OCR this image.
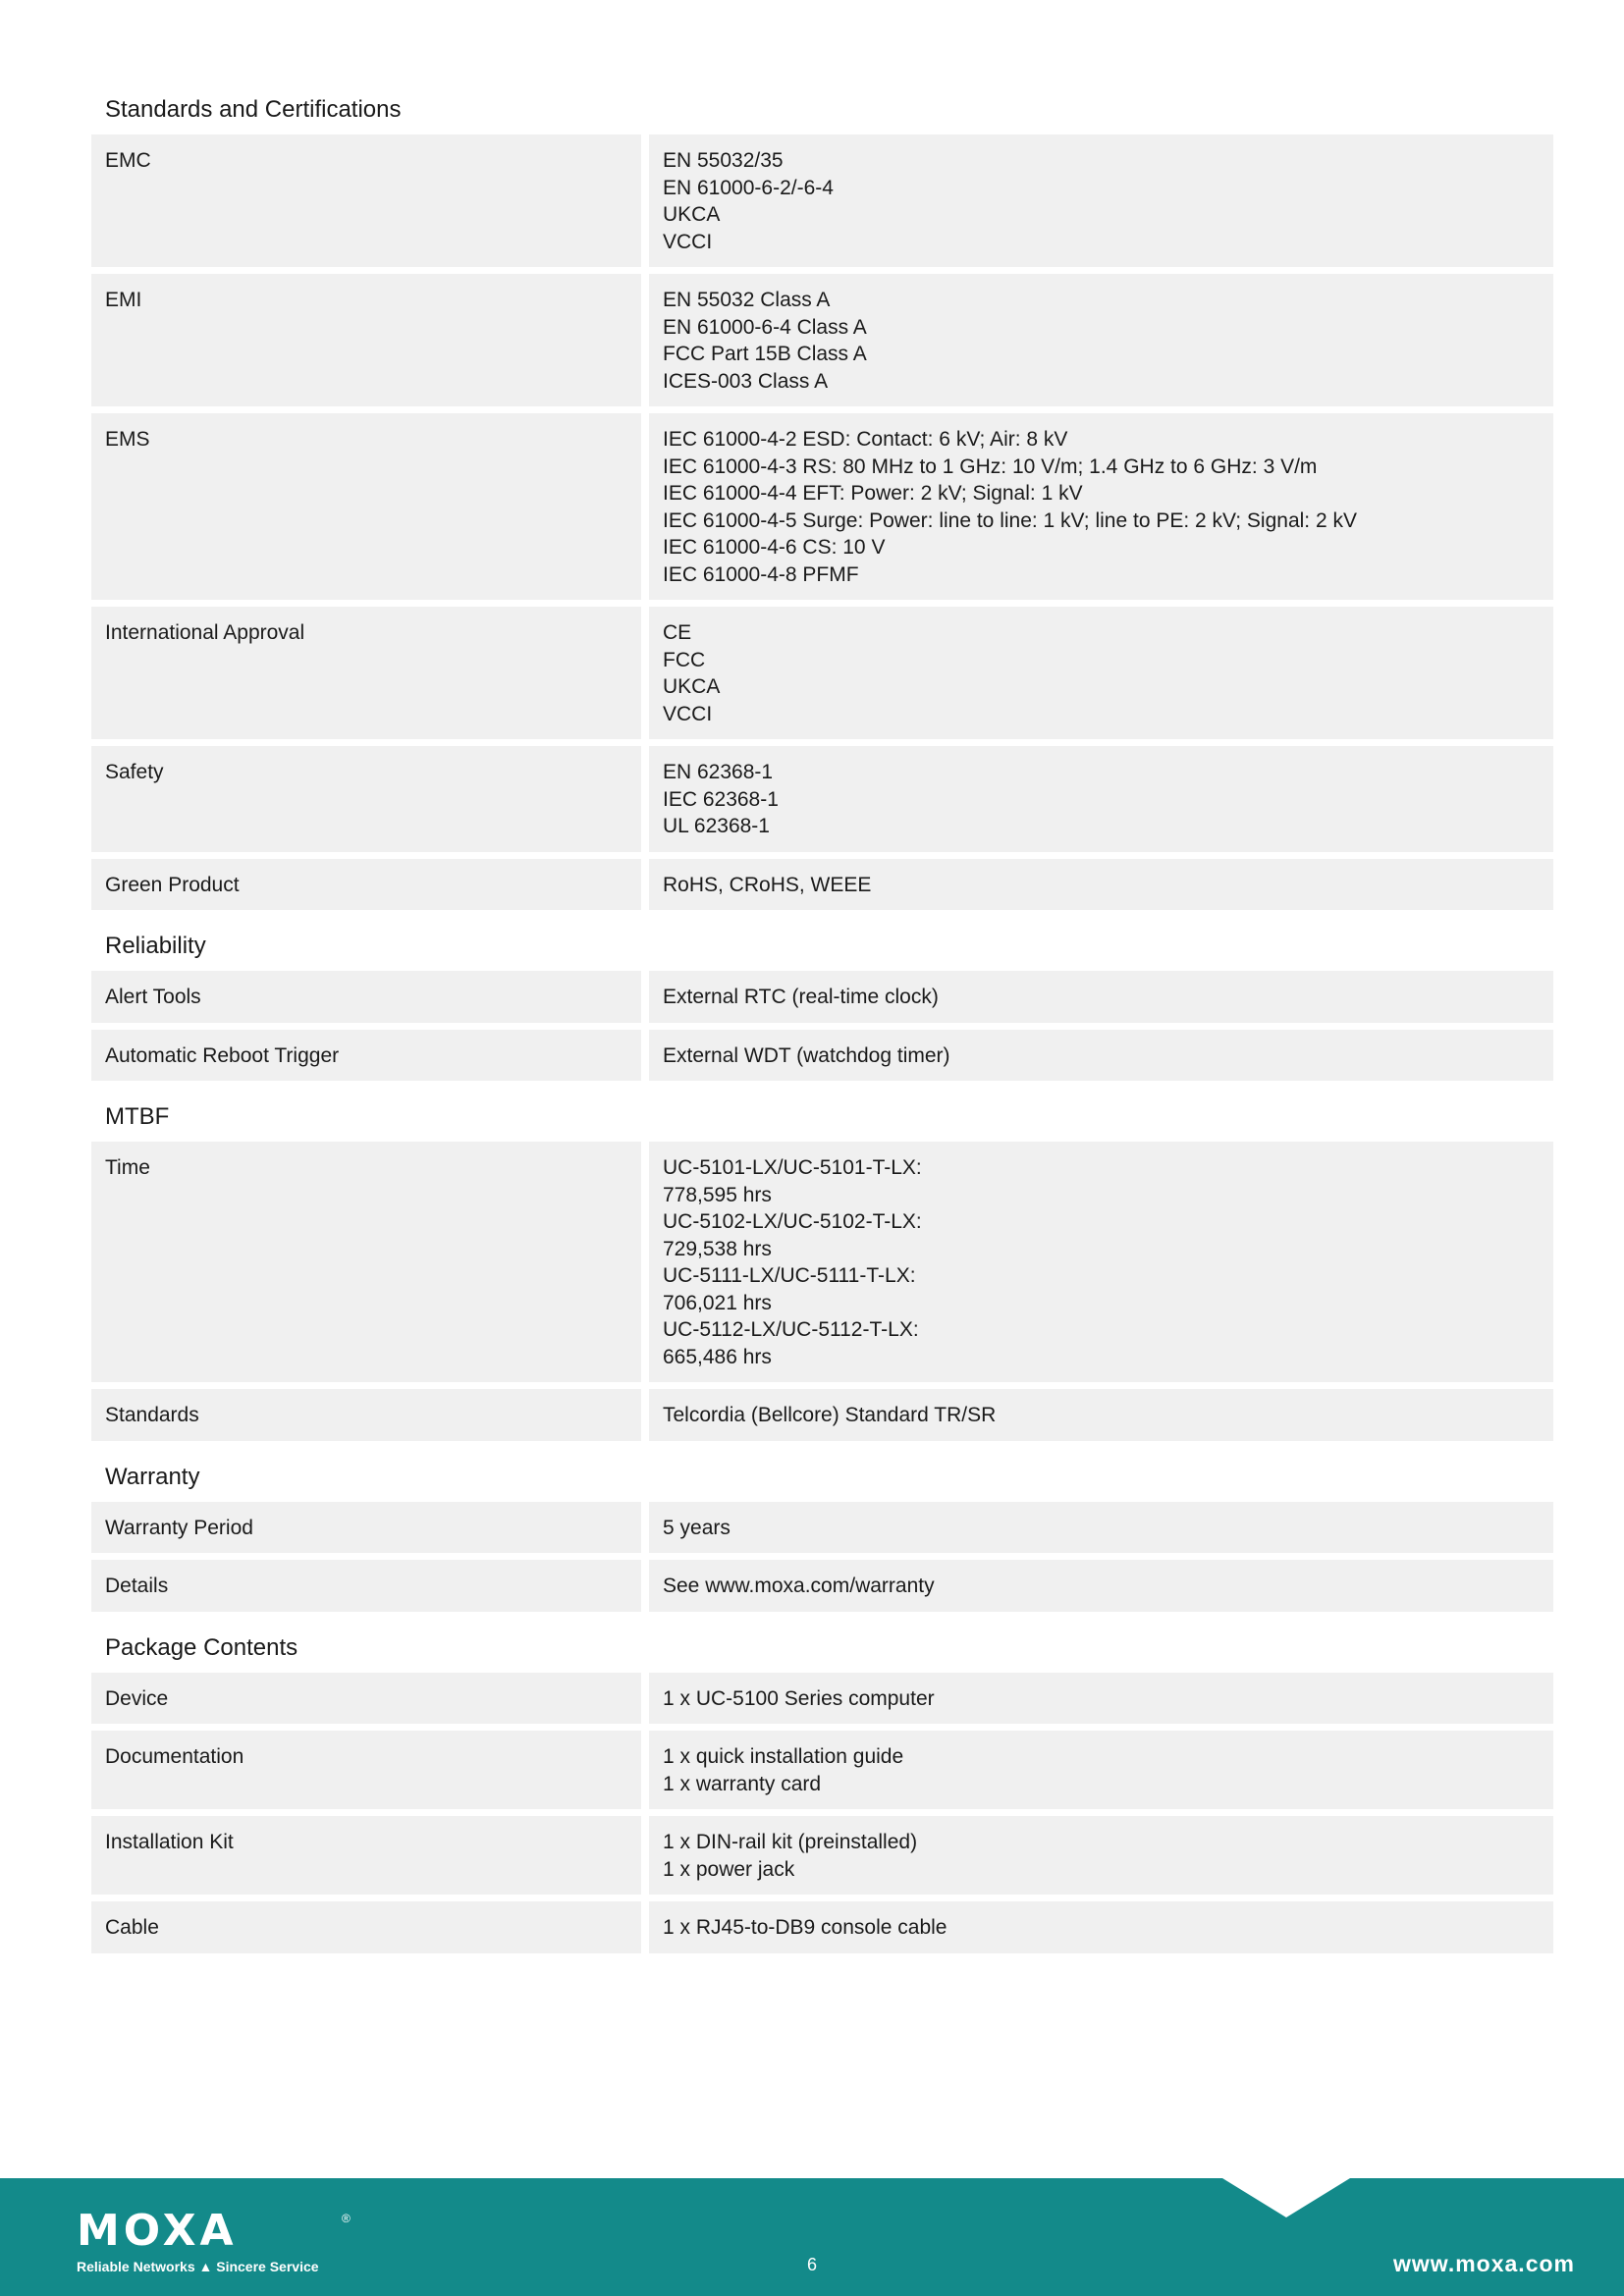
Standards and Certifications
EMC	EN 55032/35
EN 61000-6-2/-6-4
UKCA
VCCI
EMI	EN 55032 Class A
EN 61000-6-4 Class A
FCC Part 15B Class A
ICES-003 Class A
EMS	IEC 61000-4-2 ESD: Contact: 6 kV; Air: 8 kV
IEC 61000-4-3 RS: 80 MHz to 1 GHz: 10 V/m; 1.4 GHz to 6 GHz: 3 V/m
IEC 61000-4-4 EFT: Power: 2 kV; Signal: 1 kV
IEC 61000-4-5 Surge: Power: line to line: 1 kV; line to PE: 2 kV; Signal: 2 kV
IEC 61000-4-6 CS: 10 V
IEC 61000-4-8 PFMF
International Approval	CE
FCC
UKCA
VCCI
Safety	EN 62368-1
IEC 62368-1
UL 62368-1
Green Product	RoHS, CRoHS, WEEE
Reliability
Alert Tools	External RTC (real-time clock)
Automatic Reboot Trigger	External WDT (watchdog timer)
MTBF
Time	UC-5101-LX/UC-5101-T-LX:
778,595 hrs
UC-5102-LX/UC-5102-T-LX:
729,538 hrs
UC-5111-LX/UC-5111-T-LX:
706,021 hrs
UC-5112-LX/UC-5112-T-LX:
665,486 hrs
Standards	Telcordia (Bellcore) Standard TR/SR
Warranty
Warranty Period	5 years
Details	See www.moxa.com/warranty
Package Contents
Device	1 x UC-5100 Series computer
Documentation	1 x quick installation guide
1 x warranty card
Installation Kit	1 x DIN-rail kit (preinstalled)
1 x power jack
Cable	1 x RJ45-to-DB9 console cable
MOXA	®
Reliable Networks ▲ Sincere Service	6	www.moxa.com
